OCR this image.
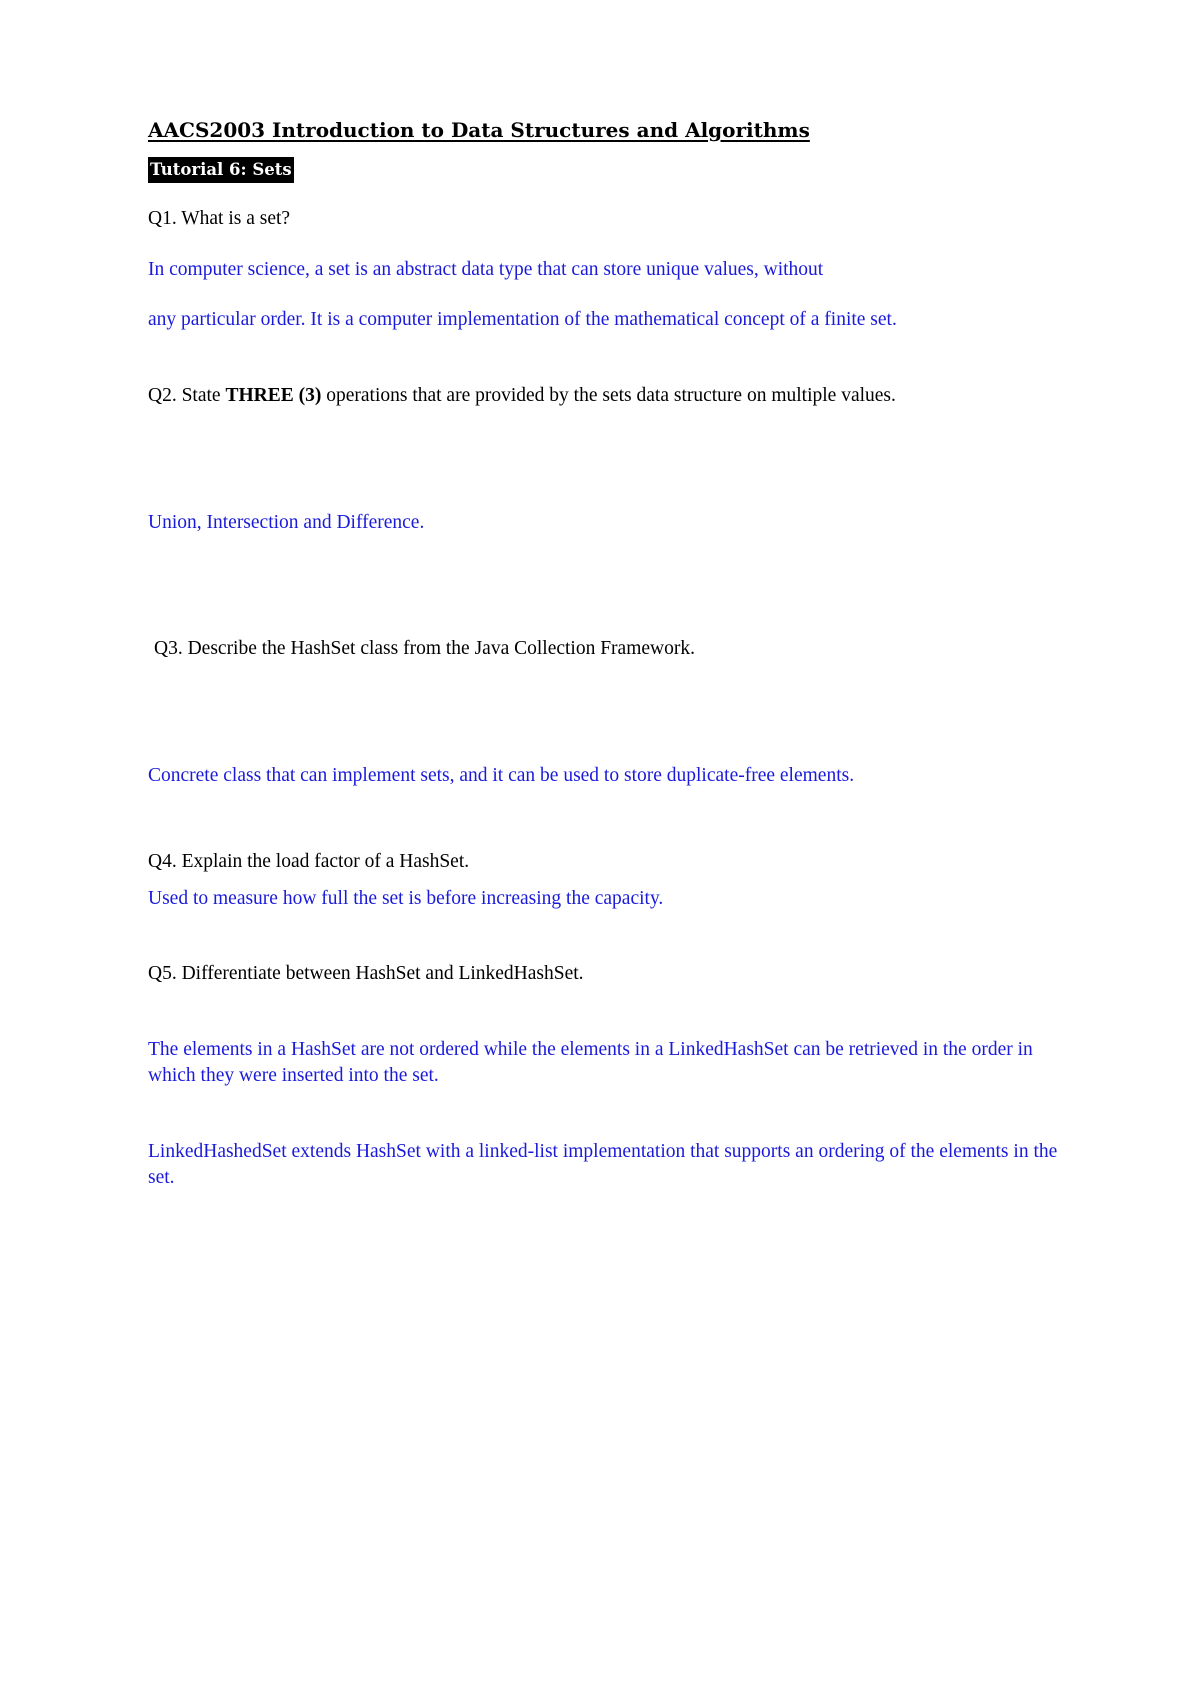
AACS2003 Introduction to Data Structures and Algorithms
Tutorial 6: Sets
Q1. What is a set?
In computer science, a set is an abstract data type that can store unique values, without
any particular order. It is a computer implementation of the mathematical concept of a finite set.
Q2. State THREE (3) operations that are provided by the sets data structure on multiple values.
Union, Intersection and Difference.
Q3. Describe the HashSet class from the Java Collection Framework.
Concrete class that can implement sets, and it can be used to store duplicate-free elements.
Q4. Explain the load factor of a HashSet.
Used to measure how full the set is before increasing the capacity.
Q5. Differentiate between HashSet and LinkedHashSet.
The elements in a HashSet are not ordered while the elements in a LinkedHashSet can be retrieved in the order in which they were inserted into the set.
LinkedHashedSet extends HashSet with a linked-list implementation that supports an ordering of the elements in the set.
